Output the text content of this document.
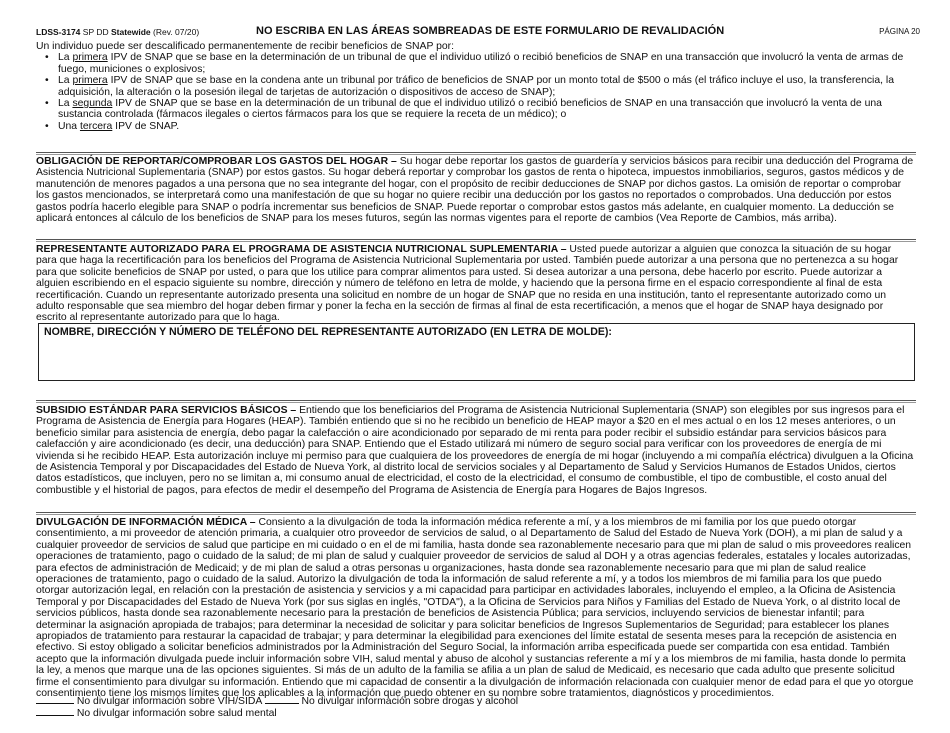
LDSS-3174 SP DD Statewide (Rev. 07/20)	NO ESCRIBA EN LAS ÁREAS SOMBREADAS DE ESTE FORMULARIO DE REVALIDACIÓN	PÁGINA 20
Un individuo puede ser descalificado permanentemente de recibir beneficios de SNAP por:
• La primera IPV de SNAP que se base en la determinación de un tribunal de que el individuo utilizó o recibió beneficios de SNAP en una transacción que involucró la venta de armas de fuego, municiones o explosivos;
• La primera IPV de SNAP que se base en la condena ante un tribunal por tráfico de beneficios de SNAP por un monto total de $500 o más (el tráfico incluye el uso, la transferencia, la adquisición, la alteración o la posesión ilegal de tarjetas de autorización o dispositivos de acceso de SNAP);
• La segunda IPV de SNAP que se base en la determinación de un tribunal de que el individuo utilizó o recibió beneficios de SNAP en una transacción que involucró la venta de una sustancia controlada (fármacos ilegales o ciertos fármacos para los que se requiere la receta de un médico); o
• Una tercera IPV de SNAP.
OBLIGACIÓN DE REPORTAR/COMPROBAR LOS GASTOS DEL HOGAR – Su hogar debe reportar los gastos de guardería y servicios básicos para recibir una deducción del Programa de Asistencia Nutricional Suplementaria (SNAP) por estos gastos. Su hogar deberá reportar y comprobar los gastos de renta o hipoteca, impuestos inmobiliarios, seguros, gastos médicos y de manutención de menores pagados a una persona que no sea integrante del hogar, con el propósito de recibir deducciones de SNAP por dichos gastos. La omisión de reportar o comprobar los gastos mencionados, se interpretará como una manifestación de que su hogar no quiere recibir una deducción por los gastos no reportados o comprobados. Una deducción por estos gastos podría hacerlo elegible para SNAP o podría incrementar sus beneficios de SNAP. Puede reportar o comprobar estos gastos más adelante, en cualquier momento. La deducción se aplicará entonces al cálculo de los beneficios de SNAP para los meses futuros, según las normas vigentes para el reporte de cambios (Vea Reporte de Cambios, más arriba).
REPRESENTANTE AUTORIZADO PARA EL PROGRAMA DE ASISTENCIA NUTRICIONAL SUPLEMENTARIA – Usted puede autorizar a alguien que conozca la situación de su hogar para que haga la recertificación para los beneficios del Programa de Asistencia Nutricional Suplementaria por usted. También puede autorizar a una persona que no pertenezca a su hogar para que solicite beneficios de SNAP por usted, o para que los utilice para comprar alimentos para usted. Si desea autorizar a una persona, debe hacerlo por escrito. Puede autorizar a alguien escribiendo en el espacio siguiente su nombre, dirección y número de teléfono en letra de molde, y haciendo que la persona firme en el espacio correspondiente al final de esta recertificación. Cuando un representante autorizado presenta una solicitud en nombre de un hogar de SNAP que no resida en una institución, tanto el representante autorizado como un adulto responsable que sea miembro del hogar deben firmar y poner la fecha en la sección de firmas al final de esta recertificación, a menos que el hogar de SNAP haya designado por escrito al representante autorizado para que lo haga.
NOMBRE, DIRECCIÓN Y NÚMERO DE TELÉFONO DEL REPRESENTANTE AUTORIZADO (EN LETRA DE MOLDE):
SUBSIDIO ESTÁNDAR PARA SERVICIOS BÁSICOS – Entiendo que los beneficiarios del Programa de Asistencia Nutricional Suplementaria (SNAP) son elegibles por sus ingresos para el Programa de Asistencia de Energía para Hogares (HEAP). También entiendo que si no he recibido un beneficio de HEAP mayor a $20 en el mes actual o en los 12 meses anteriores, o un beneficio similar para asistencia de energía, debo pagar la calefacción o aire acondicionado por separado de mi renta para poder recibir el subsidio estándar para servicios básicos para calefacción y aire acondicionado (es decir, una deducción) para SNAP. Entiendo que el Estado utilizará mi número de seguro social para verificar con los proveedores de energía de mi vivienda si he recibido HEAP. Esta autorización incluye mi permiso para que cualquiera de los proveedores de energía de mi hogar (incluyendo a mi compañía eléctrica) divulguen a la Oficina de Asistencia Temporal y por Discapacidades del Estado de Nueva York, al distrito local de servicios sociales y al Departamento de Salud y Servicios Humanos de Estados Unidos, ciertos datos estadísticos, que incluyen, pero no se limitan a, mi consumo anual de electricidad, el costo de la electricidad, el consumo de combustible, el tipo de combustible, el costo anual del combustible y el historial de pagos, para efectos de medir el desempeño del Programa de Asistencia de Energía para Hogares de Bajos Ingresos.
DIVULGACIÓN DE INFORMACIÓN MÉDICA – Consiento a la divulgación de toda la información médica referente a mí, y a los miembros de mi familia por los que puedo otorgar consentimiento, a mi proveedor de atención primaria, a cualquier otro proveedor de servicios de salud, o al Departamento de Salud del Estado de Nueva York (DOH), a mi plan de salud y a cualquier proveedor de servicios de salud que participe en mi cuidado o en el de mi familia, hasta donde sea razonablemente necesario para que mi plan de salud o mis proveedores realicen operaciones de tratamiento, pago o cuidado de la salud; de mi plan de salud y cualquier proveedor de servicios de salud al DOH y a otras agencias federales, estatales y locales autorizadas, para efectos de administración de Medicaid; y de mi plan de salud a otras personas u organizaciones, hasta donde sea razonablemente necesario para que mi plan de salud realice operaciones de tratamiento, pago o cuidado de la salud. Autorizo la divulgación de toda la información de salud referente a mí, y a todos los miembros de mi familia para los que puedo otorgar autorización legal, en relación con la prestación de asistencia y servicios y a mi capacidad para participar en actividades laborales, incluyendo el empleo, a la Oficina de Asistencia Temporal y por Discapacidades del Estado de Nueva York (por sus siglas en inglés, "OTDA"), a la Oficina de Servicios para Niños y Familias del Estado de Nueva York, o al distrito local de servicios públicos, hasta donde sea razonablemente necesario para la prestación de beneficios de Asistencia Pública; para servicios, incluyendo servicios de bienestar infantil; para determinar la asignación apropiada de trabajos; para determinar la necesidad de solicitar y para solicitar beneficios de Ingresos Suplementarios de Seguridad; para establecer los planes apropiados de tratamiento para restaurar la capacidad de trabajar; y para determinar la elegibilidad para exenciones del límite estatal de sesenta meses para la recepción de asistencia en efectivo. Si estoy obligado a solicitar beneficios administrados por la Administración del Seguro Social, la información arriba especificada puede ser compartida con esa entidad. También acepto que la información divulgada puede incluir información sobre VIH, salud mental y abuso de alcohol y sustancias referente a mí y a los miembros de mi familia, hasta donde lo permita la ley, a menos que marque una de las opciones siguientes. Si más de un adulto de la familia se afilia a un plan de salud de Medicaid, es necesario que cada adulto que presente solicitud firme el consentimiento para divulgar su información. Entiendo que mi capacidad de consentir a la divulgación de información relacionada con cualquier menor de edad para el que yo otorgue consentimiento tiene los mismos límites que los aplicables a la información que puedo obtener en su nombre sobre tratamientos, diagnósticos y procedimientos.
No divulgar información sobre VIH/SIDA	No divulgar información sobre drogas y alcohol
No divulgar información sobre salud mental
